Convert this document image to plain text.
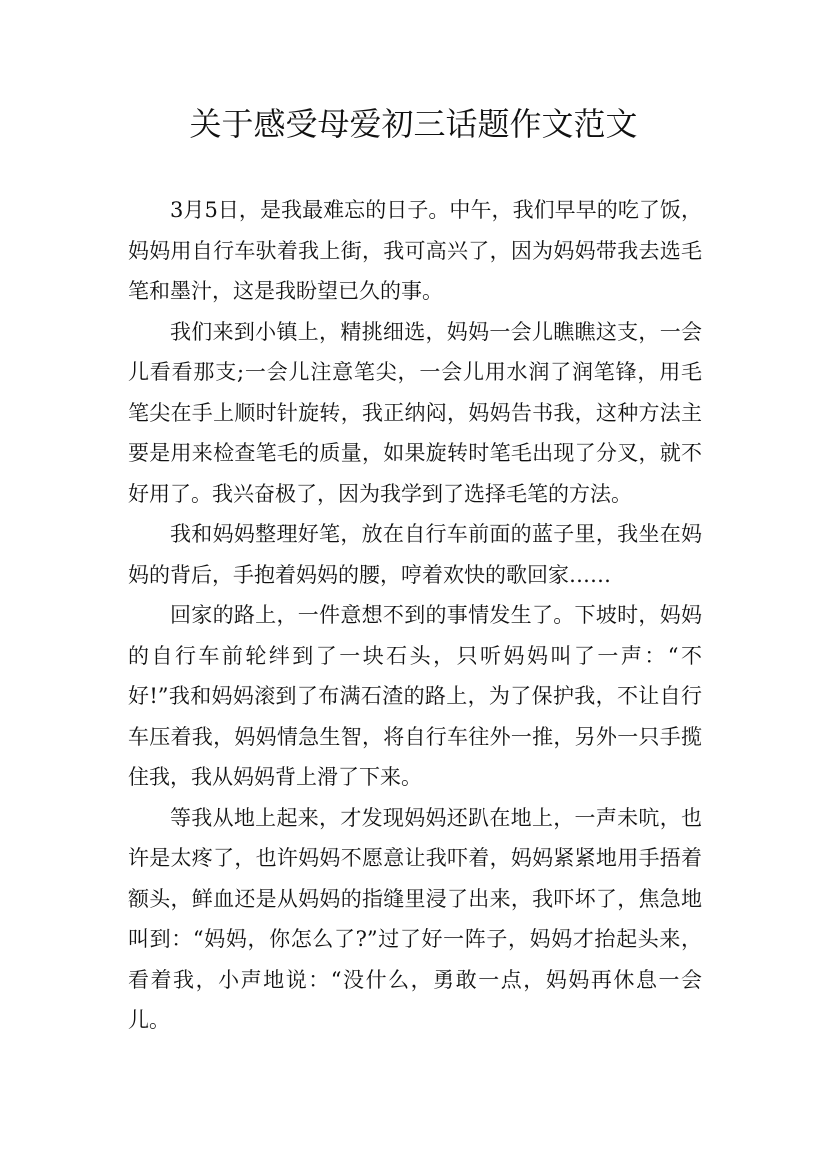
关于感受母爱初三话题作文范文

3月5日，是我最难忘的日子。中午，我们早早的吃了饭，妈妈用自行车驮着我上街，我可高兴了，因为妈妈带我去选毛笔和墨汁，这是我盼望已久的事。

我们来到小镇上，精挑细选，妈妈一会儿瞧瞧这支，一会儿看看那支;一会儿注意笔尖，一会儿用水润了润笔锋，用毛笔尖在手上顺时针旋转，我正纳闷，妈妈告书我，这种方法主要是用来检查笔毛的质量，如果旋转时笔毛出现了分叉，就不好用了。我兴奋极了，因为我学到了选择毛笔的方法。

我和妈妈整理好笔，放在自行车前面的蓝子里，我坐在妈妈的背后，手抱着妈妈的腰，哼着欢快的歌回家……

回家的路上，一件意想不到的事情发生了。下坡时，妈妈的自行车前轮绊到了一块石头，只听妈妈叫了一声：“不好!”我和妈妈滚到了布满石渣的路上，为了保护我，不让自行车压着我，妈妈情急生智，将自行车往外一推，另外一只手揽住我，我从妈妈背上滑了下来。

等我从地上起来，才发现妈妈还趴在地上，一声未吭，也许是太疼了，也许妈妈不愿意让我吓着，妈妈紧紧地用手捂着额头，鲜血还是从妈妈的指缝里浸了出来，我吓坏了，焦急地叫到：“妈妈，你怎么了?”过了好一阵子，妈妈才抬起头来，看着我，小声地说：“没什么，勇敢一点，妈妈再休息一会儿。
